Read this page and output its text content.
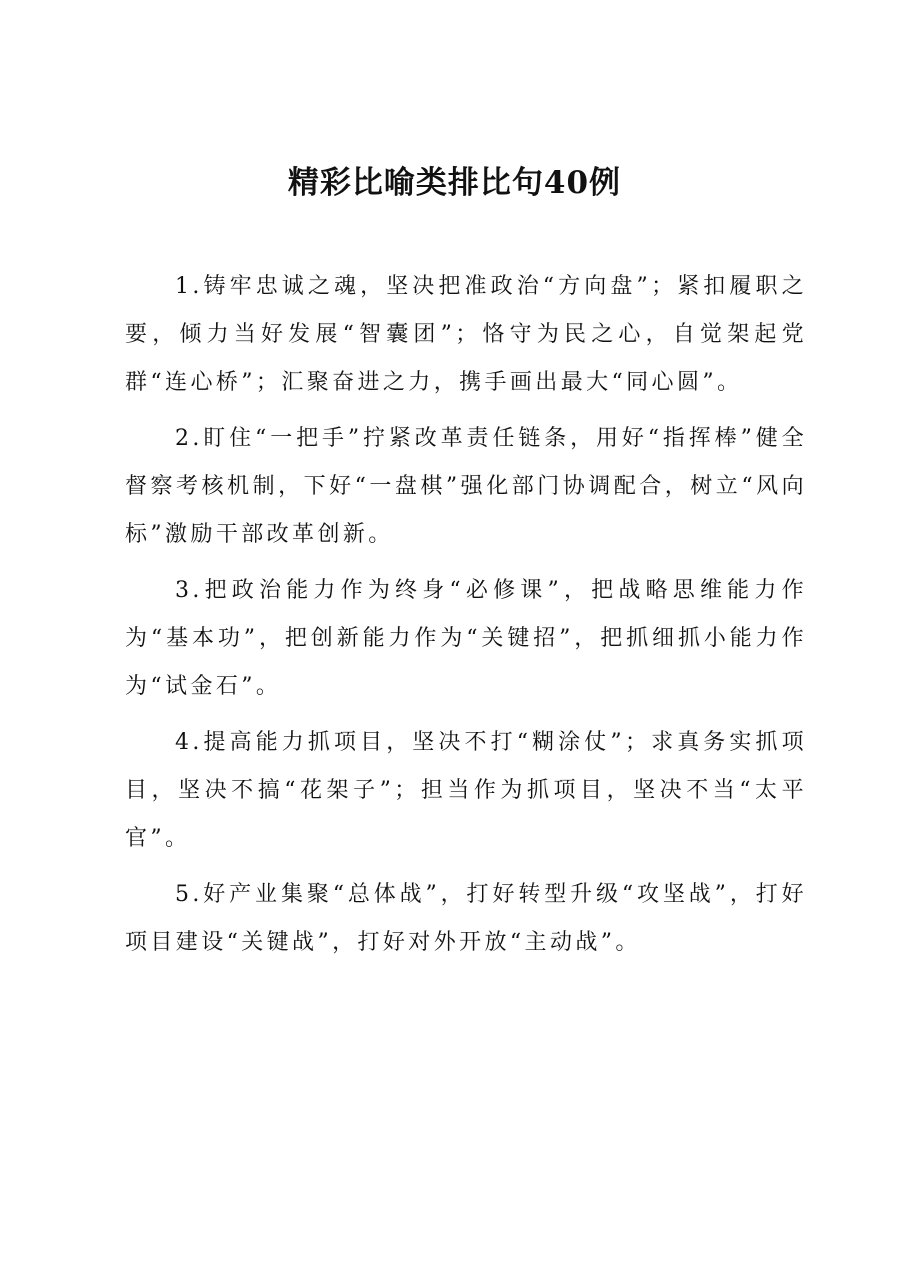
精彩比喻类排比句40例

1.铸牢忠诚之魂，坚决把准政治“方向盘”；紧扣履职之要，倾力当好发展“智囊团”；恪守为民之心，自觉架起党群“连心桥”；汇聚奋进之力，携手画出最大“同心圆”。

2.盯住“一把手”拧紧改革责任链条，用好“指挥棒”健全督察考核机制，下好“一盘棋”强化部门协调配合，树立“风向标”激励干部改革创新。

3.把政治能力作为终身“必修课”，把战略思维能力作为“基本功”，把创新能力作为“关键招”，把抓细抓小能力作为“试金石”。

4.提高能力抓项目，坚决不打“糊涂仗”；求真务实抓项目，坚决不搞“花架子”；担当作为抓项目，坚决不当“太平官”。

5.好产业集聚“总体战”，打好转型升级“攻坚战”，打好项目建设“关键战”，打好对外开放“主动战”。
